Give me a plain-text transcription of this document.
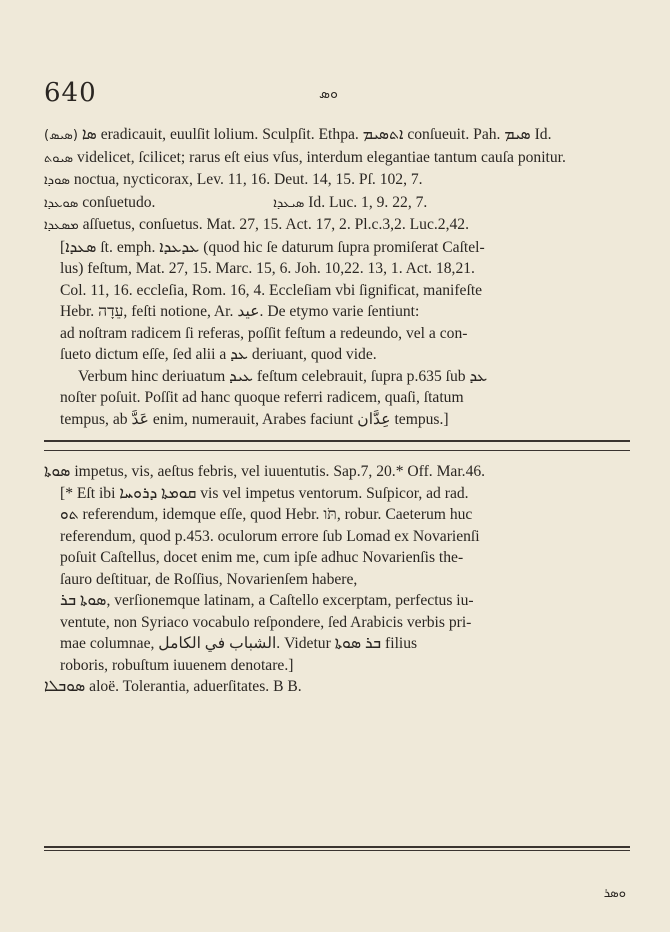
640	ܘܣ
(ܣܝܣ) ܣܐ eradicauit, euulſit lolium. Sculpſit. Ethpa. ܐܬܣܝܡ conſueuit. Pah. ܣܝܡ Id.
ܣܝܘܬ videlicet, ſcilicet; rarus eſt eius vſus, interdum elegantiae tantum cauſa ponitur.
ܣܘܕܐ noctua, nycticorax, Lev. 11, 16. Deut. 14, 15. Pſ. 102, 7.
ܣܘܥܕܐ conſuetudo.	ܣܝܥܕܐ Id. Luc. 1, 9. 22, 7.
ܡܣܥܕܐ aſſuetus, conſuetus. Mat. 27, 15. Act. 17, 2. Pl.c.3,2. Luc.2,42.
[ܣܥܕܐ ſt. emph. ܥܕܥܕܐ (quod hic ſe daturum ſupra promiſerat Caſtel-
lus) feſtum, Mat. 27, 15. Marc. 15, 6. Joh. 10,22. 13, 1. Act. 18,21.
Col. 11, 16. eccleſia, Rom. 16, 4. Eccleſiam vbi ſignificat, manifeſte
Hebr. עֵדָה, feſti notione, Ar. عيد. De etymo varie ſentiunt:
ad noſtram radicem ſi referas, poſſit feſtum a redeundo, vel a con-
ſueto dictum eſſe, ſed alii a ܥܕ deriuant, quod vide.
Verbum hinc deriuatum ܥܝܕ feſtum celebrauit, ſupra p.635 ſub ܥܕ
noſter poſuit. Poſſit ad hanc quoque referri radicem, quaſi, ſtatum
tempus, ab عَدَّ enim, numerauit, Arabes faciunt عِدَّان tempus.]
ܣܘܬܐ impetus, vis, aeſtus febris, vel iuuentutis. Sap.7, 20.* Off. Mar.46.
[* Eſt ibi ܩܘܡܬܐ ܕܪܘܚܐ vis vel impetus ventorum. Suſpicor, ad rad.
ܬܘ referendum, idemque eſſe, quod Hebr. תֹּו, robur. Caeterum huc
referendum, quod p.453. oculorum errore ſub Lomad ex Novarienſi
poſuit Caſtellus, docet enim me, cum ipſe adhuc Novarienſis the-
ſauro deſtituar, de Roſſius, Novarienſem habere,
ܣܘܬܐ ܒܪ, verſionemque latinam, a Caſtello excerptam, perfectus iu-
ventute, non Syriaco vocabulo reſpondere, ſed Arabicis verbis pri-
mae columnae, الشباب في الكامل. Videtur ܒܪ ܣܘܬܐ filius
roboris, robuſtum iuuenem denotare.]
ܣܘܒܠܐ aloë. Tolerantia, aduerſitates. B B.
ܘܣܪ
